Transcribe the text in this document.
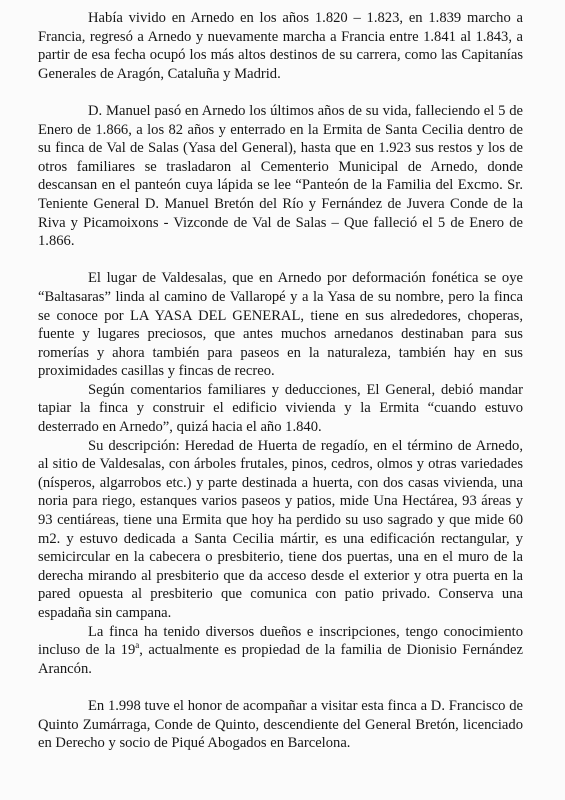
Había vivido en Arnedo en los años 1.820 – 1.823, en 1.839 marcho a Francia, regresó a Arnedo y nuevamente marcha a Francia entre 1.841 al 1.843, a partir de esa fecha ocupó los más altos destinos de su carrera, como las Capitanías Generales de Aragón, Cataluña y Madrid.

D. Manuel pasó en Arnedo los últimos años de su vida, falleciendo el 5 de Enero de 1.866, a los 82 años y enterrado en la Ermita de Santa Cecilia dentro de su finca de Val de Salas (Yasa del General), hasta que en 1.923 sus restos y los de otros familiares se trasladaron al Cementerio Municipal de Arnedo, donde descansan en el panteón cuya lápida se lee “Panteón de la Familia del Excmo. Sr. Teniente General D. Manuel Bretón del Río y Fernández de Juvera Conde de la Riva y Picamoixons - Vizconde de Val de Salas – Que falleció el 5 de Enero de 1.866.

El lugar de Valdesalas, que en Arnedo por deformación fonética se oye “Baltasaras” linda al camino de Vallaropé y a la Yasa de su nombre, pero la finca se conoce por LA YASA DEL GENERAL, tiene en sus alrededores, choperas, fuente y lugares preciosos, que antes muchos arnedanos destinaban para sus romerías y ahora también para paseos en la naturaleza, también hay en sus proximidades casillas y fincas de recreo.

Según comentarios familiares y deducciones, El General, debió mandar tapiar la finca y construir el edificio vivienda y la Ermita “cuando estuvo desterrado en Arnedo”, quizá hacia el año 1.840.

Su descripción: Heredad de Huerta de regadío, en el término de Arnedo, al sitio de Valdesalas, con árboles frutales, pinos, cedros, olmos y otras variedades (nísperos, algarrobos etc.) y parte destinada a huerta, con dos casas vivienda, una noria para riego, estanques varios paseos y patios, mide Una Hectárea, 93 áreas y 93 centiáreas, tiene una Ermita que hoy ha perdido su uso sagrado y que mide 60 m2. y estuvo dedicada a Santa Cecilia mártir, es una edificación rectangular, y semicircular en la cabecera o presbiterio, tiene dos puertas, una en el muro de la derecha mirando al presbiterio que da acceso desde el exterior y otra puerta en la pared opuesta al presbiterio que comunica con patio privado. Conserva una espadaña sin campana.

La finca ha tenido diversos dueños e inscripciones, tengo conocimiento incluso de la 19$^a$, actualmente es propiedad de la familia de Dionisio Fernández Arancón.

En 1.998 tuve el honor de acompañar a visitar esta finca a D. Francisco de Quinto Zumárraga, Conde de Quinto, descendiente del General Bretón, licenciado en Derecho y socio de Piqué Abogados en Barcelona.
